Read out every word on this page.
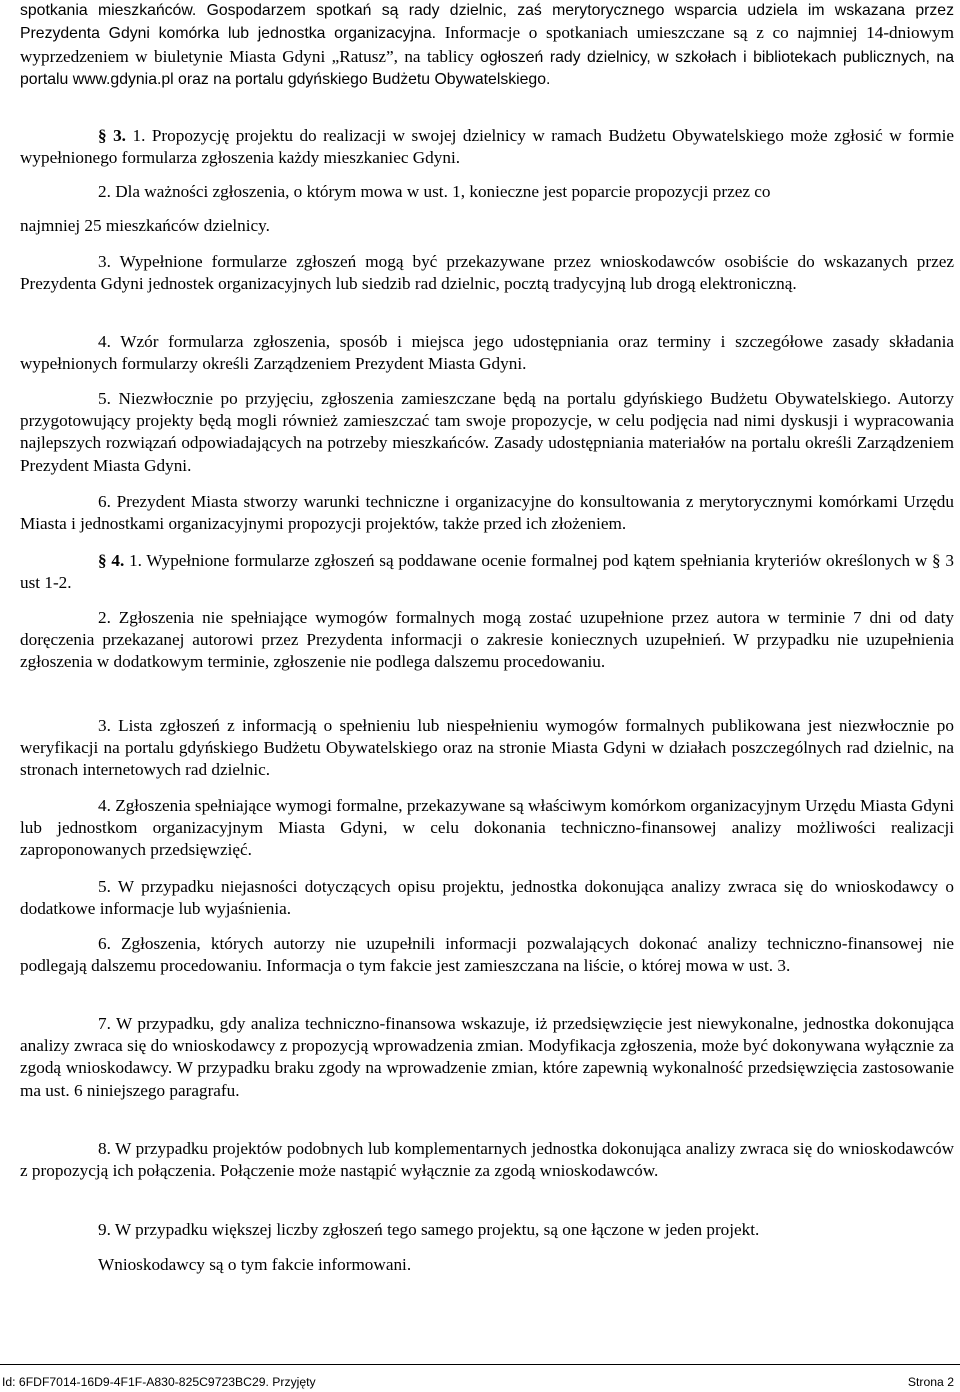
spotkania mieszkańców. Gospodarzem spotkań są rady dzielnic, zaś merytorycznego wsparcia udziela im wskazana przez Prezydenta Gdyni komórka lub jednostka organizacyjna. Informacje o spotkaniach umieszczane są z co najmniej 14-dniowym wyprzedzeniem w biuletynie Miasta Gdyni „Ratusz”, na tablicy ogłoszeń rady dzielnicy, w szkołach i bibliotekach publicznych, na portalu www.gdynia.pl oraz na portalu gdyńskiego Budżetu Obywatelskiego.

§ 3. 1. Propozycję projektu do realizacji w swojej dzielnicy w ramach Budżetu Obywatelskiego może zgłosić w formie wypełnionego formularza zgłoszenia każdy mieszkaniec Gdyni.

2. Dla ważności zgłoszenia, o którym mowa w ust. 1, konieczne jest poparcie propozycji przez co

najmniej 25 mieszkańców dzielnicy.

3. Wypełnione formularze zgłoszeń mogą być przekazywane przez wnioskodawców osobiście do wskazanych przez Prezydenta Gdyni jednostek organizacyjnych lub siedzib rad dzielnic, pocztą tradycyjną lub drogą elektroniczną.

4. Wzór formularza zgłoszenia, sposób i miejsca jego udostępniania oraz terminy i szczegółowe zasady składania wypełnionych formularzy określi Zarządzeniem Prezydent Miasta Gdyni.

5. Niezwłocznie po przyjęciu, zgłoszenia zamieszczane będą na portalu gdyńskiego Budżetu Obywatelskiego. Autorzy przygotowujący projekty będą mogli również zamieszczać tam swoje propozycje, w celu podjęcia nad nimi dyskusji i wypracowania najlepszych rozwiązań odpowiadających na potrzeby mieszkańców. Zasady udostępniania materiałów na portalu określi Zarządzeniem Prezydent Miasta Gdyni.

6. Prezydent Miasta stworzy warunki techniczne i organizacyjne do konsultowania z merytorycznymi komórkami Urzędu Miasta i jednostkami organizacyjnymi propozycji projektów, także przed ich złożeniem.

§ 4. 1. Wypełnione formularze zgłoszeń są poddawane ocenie formalnej pod kątem spełniania kryteriów określonych w § 3 ust 1-2.

2. Zgłoszenia nie spełniające wymogów formalnych mogą zostać uzupełnione przez autora w terminie 7 dni od daty doręczenia przekazanej autorowi przez Prezydenta informacji o zakresie koniecznych uzupełnień. W przypadku nie uzupełnienia zgłoszenia w dodatkowym terminie, zgłoszenie nie podlega dalszemu procedowaniu.

3. Lista zgłoszeń z informacją o spełnieniu lub niespełnieniu wymogów formalnych publikowana jest niezwłocznie po weryfikacji na portalu gdyńskiego Budżetu Obywatelskiego oraz na stronie Miasta Gdyni w działach poszczególnych rad dzielnic, na stronach internetowych rad dzielnic.

4. Zgłoszenia spełniające wymogi formalne, przekazywane są właściwym komórkom organizacyjnym Urzędu Miasta Gdyni lub jednostkom organizacyjnym Miasta Gdyni, w celu dokonania techniczno-finansowej analizy możliwości realizacji zaproponowanych przedsięwzięć.

5. W przypadku niejasności dotyczących opisu projektu, jednostka dokonująca analizy zwraca się do wnioskodawcy o dodatkowe informacje lub wyjaśnienia.

6. Zgłoszenia, których autorzy nie uzupełnili informacji pozwalających dokonać analizy techniczno-finansowej nie podlegają dalszemu procedowaniu. Informacja o tym fakcie jest zamieszczana na liście, o której mowa w ust. 3.

7. W przypadku, gdy analiza techniczno-finansowa wskazuje, iż przedsięwzięcie jest niewykonalne, jednostka dokonująca analizy zwraca się do wnioskodawcy z propozycją wprowadzenia zmian. Modyfikacja zgłoszenia, może być dokonywana wyłącznie za zgodą wnioskodawcy. W przypadku braku zgody na wprowadzenie zmian, które zapewnią wykonalność przedsięwzięcia zastosowanie ma ust. 6 niniejszego paragrafu.

8. W przypadku projektów podobnych lub komplementarnych jednostka dokonująca analizy zwraca się do wnioskodawców z propozycją ich połączenia. Połączenie może nastąpić wyłącznie za zgodą wnioskodawców.

9. W przypadku większej liczby zgłoszeń tego samego projektu, są one łączone w jeden projekt.

Wnioskodawcy są o tym fakcie informowani.

Id: 6FDF7014-16D9-4F1F-A830-825C9723BC29. Przyjęty	Strona 2
